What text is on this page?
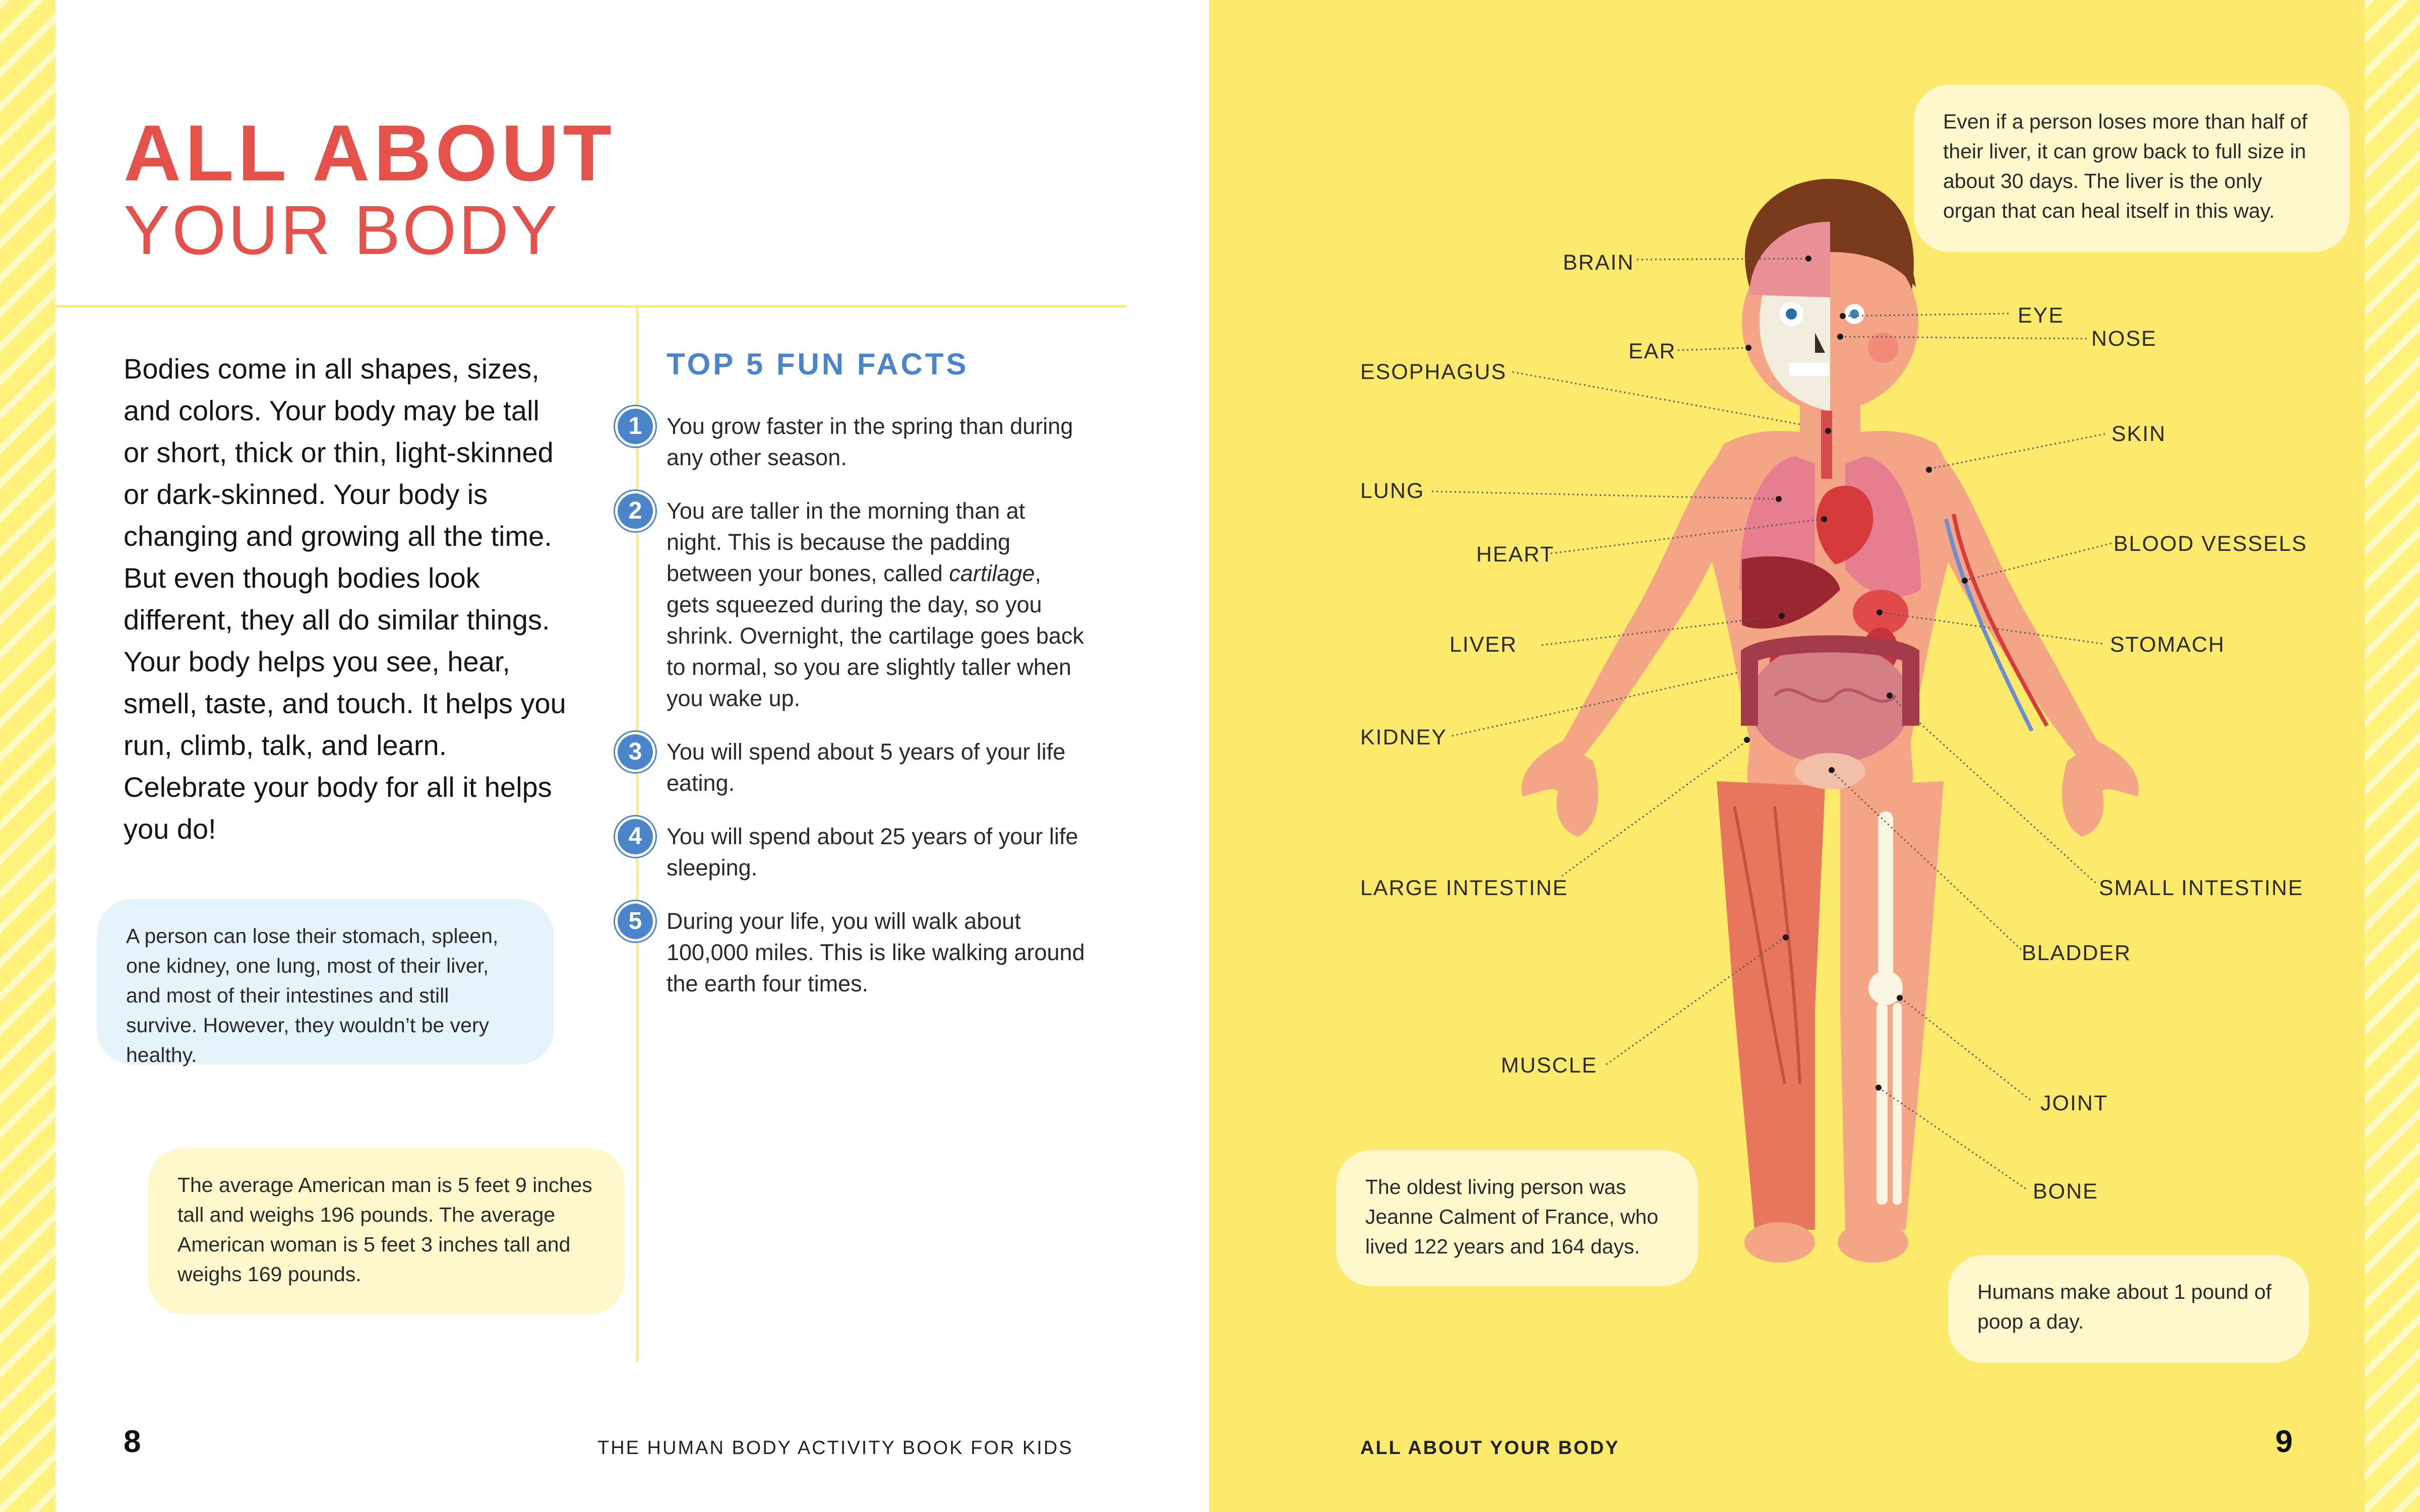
ALL ABOUT
YOUR BODY
Bodies come in all shapes, sizes, and colors. Your body may be tall or short, thick or thin, light-skinned or dark-skinned. Your body is changing and growing all the time. But even though bodies look different, they all do similar things. Your body helps you see, hear, smell, taste, and touch. It helps you run, climb, talk, and learn. Celebrate your body for all it helps you do!
A person can lose their stomach, spleen, one kidney, one lung, most of their liver, and most of their intestines and still survive. However, they wouldn’t be very healthy.
The average American man is 5 feet 9 inches tall and weighs 196 pounds. The average American woman is 5 feet 3 inches tall and weighs 169 pounds.
TOP 5 FUN FACTS
1	You grow faster in the spring than during any other season.
2	You are taller in the morning than at night. This is because the padding between your bones, called cartilage, gets squeezed during the day, so you shrink. Overnight, the cartilage goes back to normal, so you are slightly taller when you wake up.
3	You will spend about 5 years of your life eating.
4	You will spend about 25 years of your life sleeping.
5	During your life, you will walk about 100,000 miles. This is like walking around the earth four times.
Even if a person loses more than half of their liver, it can grow back to full size in about 30 days. The liver is the only organ that can heal itself in this way.
The oldest living person was Jeanne Calment of France, who lived 122 years and 164 days.
Humans make about 1 pound of poop a day.
BRAIN
EAR
ESOPHAGUS
LUNG
HEART
LIVER
KIDNEY
LARGE INTESTINE
MUSCLE
EYE
NOSE
SKIN
BLOOD VESSELS
STOMACH
SMALL INTESTINE
BLADDER
JOINT
BONE
8	THE HUMAN BODY ACTIVITY BOOK FOR KIDS	ALL ABOUT YOUR BODY	9
